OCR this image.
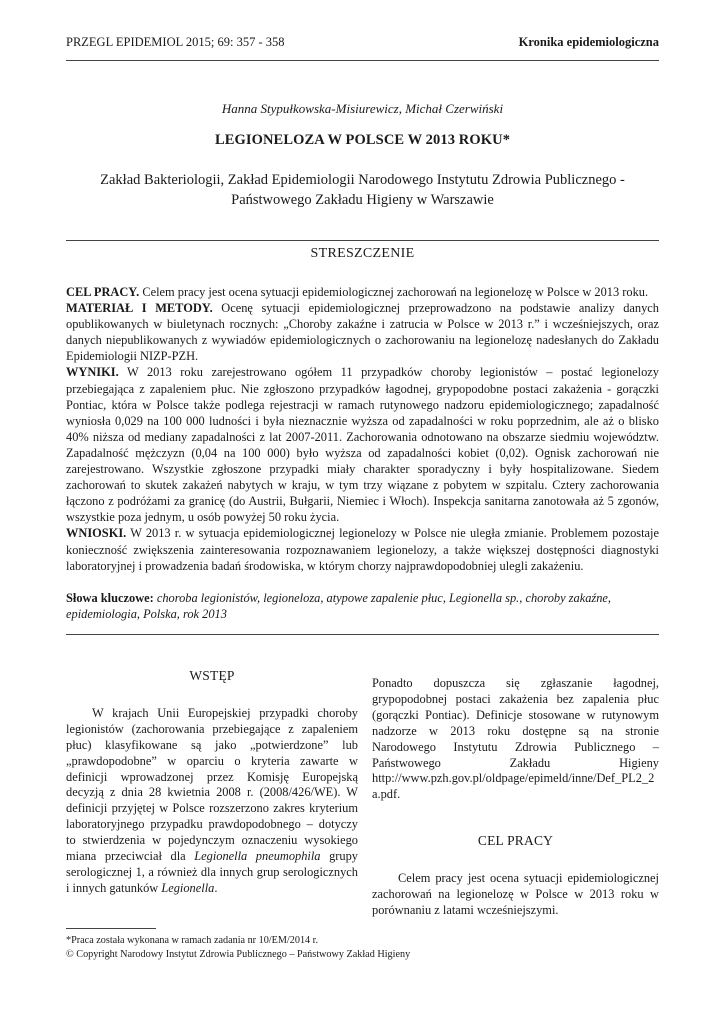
PRZEGL EPIDEMIOL 2015; 69: 357 - 358	Kronika epidemiologiczna
Hanna Stypułkowska-Misiurewicz, Michał Czerwiński
LEGIONELOZA W POLSCE W 2013 ROKU*
Zakład Bakteriologii, Zakład Epidemiologii Narodowego Instytutu Zdrowia Publicznego -
Państwowego Zakładu Higieny w Warszawie
STRESZCZENIE

CEL PRACY. Celem pracy jest ocena sytuacji epidemiologicznej zachorowań na legionelozę w Polsce w 2013 roku.

MATERIAŁ I METODY. Ocenę sytuacji epidemiologicznej przeprowadzono na podstawie analizy danych opublikowanych w biuletynach rocznych: „Choroby zakaźne i zatrucia w Polsce w 2013 r.” i wcześniejszych, oraz danych niepublikowanych z wywiadów epidemiologicznych o zachorowaniu na legionelozę nadesłanych do Zakładu Epidemiologii NIZP-PZH.

WYNIKI. W 2013 roku zarejestrowano ogółem 11 przypadków choroby legionistów – postać legionelozy przebiegająca z zapaleniem płuc. Nie zgłoszono przypadków łagodnej, grypopodobne postaci zakażenia - gorączki Pontiac, która w Polsce także podlega rejestracji w ramach rutynowego nadzoru epidemiologicznego; zapadalność wyniosła 0,029 na 100 000 ludności i była nieznacznie wyższa od zapadalności w roku poprzednim, ale aż o blisko 40% niższa od mediany zapadalności z lat 2007-2011. Zachorowania odnotowano na obszarze siedmiu województw. Zapadalność mężczyzn (0,04 na 100 000) było wyższa od zapadalności kobiet (0,02). Ognisk zachorowań nie zarejestrowano. Wszystkie zgłoszone przypadki miały charakter sporadyczny i były hospitalizowane. Siedem zachorowań to skutek zakażeń nabytych w kraju, w tym trzy wiązane z pobytem w szpitalu. Cztery zachorowania łączono z podróżami za granicę (do Austrii, Bułgarii, Niemiec i Włoch). Inspekcja sanitarna zanotowała aż 5 zgonów, wszystkie poza jednym, u osób powyżej 50 roku życia.

WNIOSKI. W 2013 r. w sytuacja epidemiologicznej legionelozy w Polsce nie uległa zmianie. Problemem pozostaje konieczność zwiększenia zainteresowania rozpoznawaniem legionelozy, a także większej dostępności diagnostyki laboratoryjnej i prowadzenia badań środowiska, w którym chorzy najprawdopodobniej ulegli zakażeniu.

Słowa kluczowe: choroba legionistów, legioneloza, atypowe zapalenie płuc, Legionella sp., choroby zakaźne, epidemiologia, Polska, rok 2013
WSTĘP

W krajach Unii Europejskiej przypadki choroby legionistów (zachorowania przebiegające z zapaleniem płuc) klasyfikowane są jako „potwierdzone” lub „prawdopodobne” w oparciu o kryteria zawarte w definicji wprowadzonej przez Komisję Europejską decyzją z dnia 28 kwietnia 2008 r. (2008/426/WE). W definicji przyjętej w Polsce rozszerzono zakres kryterium laboratoryjnego przypadku prawdopodobnego – dotyczy to stwierdzenia w pojedynczym oznaczeniu wysokiego miana przeciwciał dla Legionella pneumophila grupy serologicznej 1, a również dla innych grup serologicznych i innych gatunków Legionella.

Ponadto dopuszcza się zgłaszanie łagodnej, grypopodobnej postaci zakażenia bez zapalenia płuc (gorączki Pontiac). Definicje stosowane w rutynowym nadzorze w 2013 roku dostępne są na stronie Narodowego Instytutu Zdrowia Publicznego – Państwowego Zakładu Higieny http://www.pzh.gov.pl/oldpage/epimeld/inne/Def_PL2_2a.pdf.

CEL PRACY

Celem pracy jest ocena sytuacji epidemiologicznej zachorowań na legionelozę w Polsce w 2013 roku w porównaniu z latami wcześniejszymi.

*Praca została wykonana w ramach zadania nr 10/EM/2014 r.
© Copyright Narodowy Instytut Zdrowia Publicznego – Państwowy Zakład Higieny
